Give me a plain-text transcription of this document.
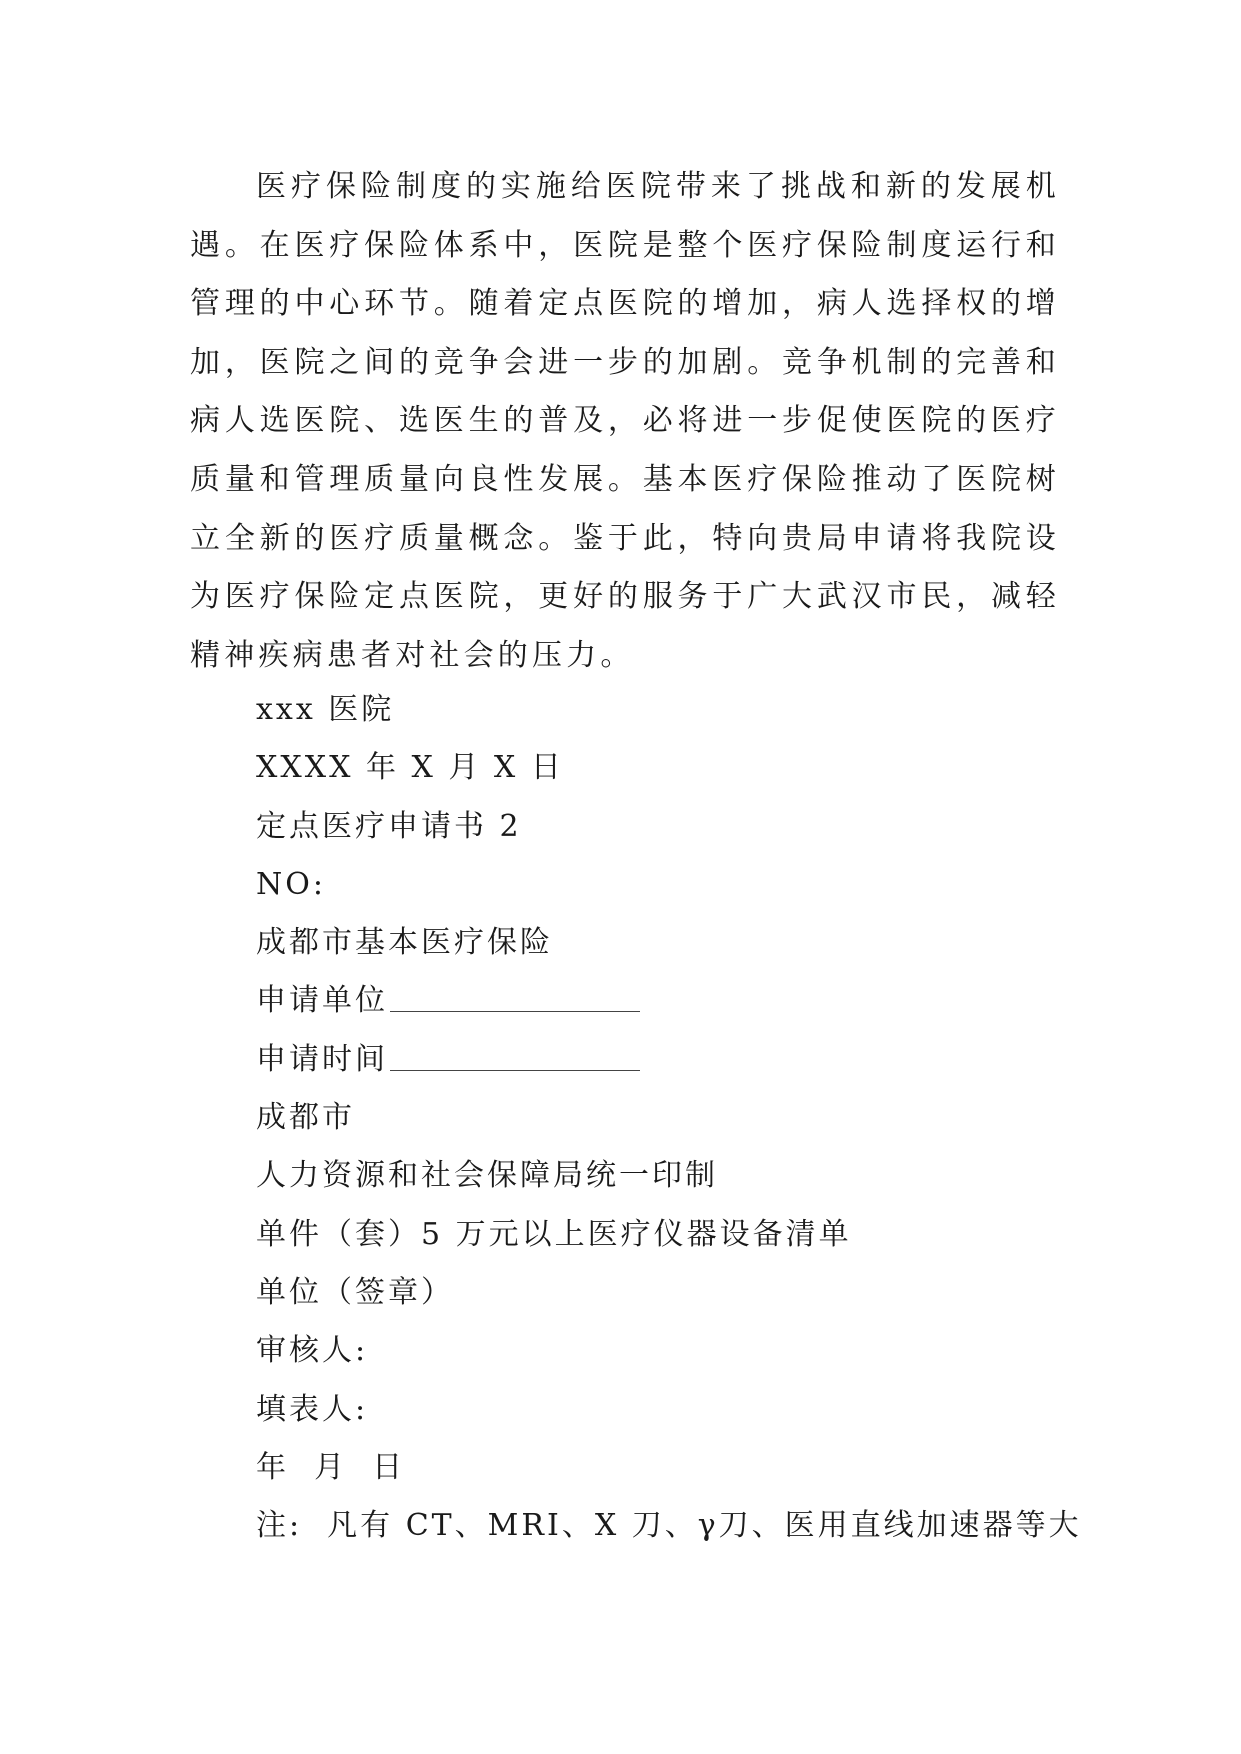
医疗保险制度的实施给医院带来了挑战和新的发展机遇。在医疗保险体系中，医院是整个医疗保险制度运行和管理的中心环节。随着定点医院的增加，病人选择权的增加，医院之间的竞争会进一步的加剧。竞争机制的完善和病人选医院、选医生的普及，必将进一步促使医院的医疗质量和管理质量向良性发展。基本医疗保险推动了医院树立全新的医疗质量概念。鉴于此，特向贵局申请将我院设为医疗保险定点医院，更好的服务于广大武汉市民，减轻精神疾病患者对社会的压力。

xxx 医院
XXXX 年 X 月 X 日
定点医疗申请书 2
NO:
成都市基本医疗保险
申请单位
申请时间
成都市
人力资源和社会保障局统一印制
单件（套）5 万元以上医疗仪器设备清单
单位（签章）
审核人:
填表人:
年  月  日
注:  凡有 CT、MRI、X 刀、γ刀、医用直线加速器等大
